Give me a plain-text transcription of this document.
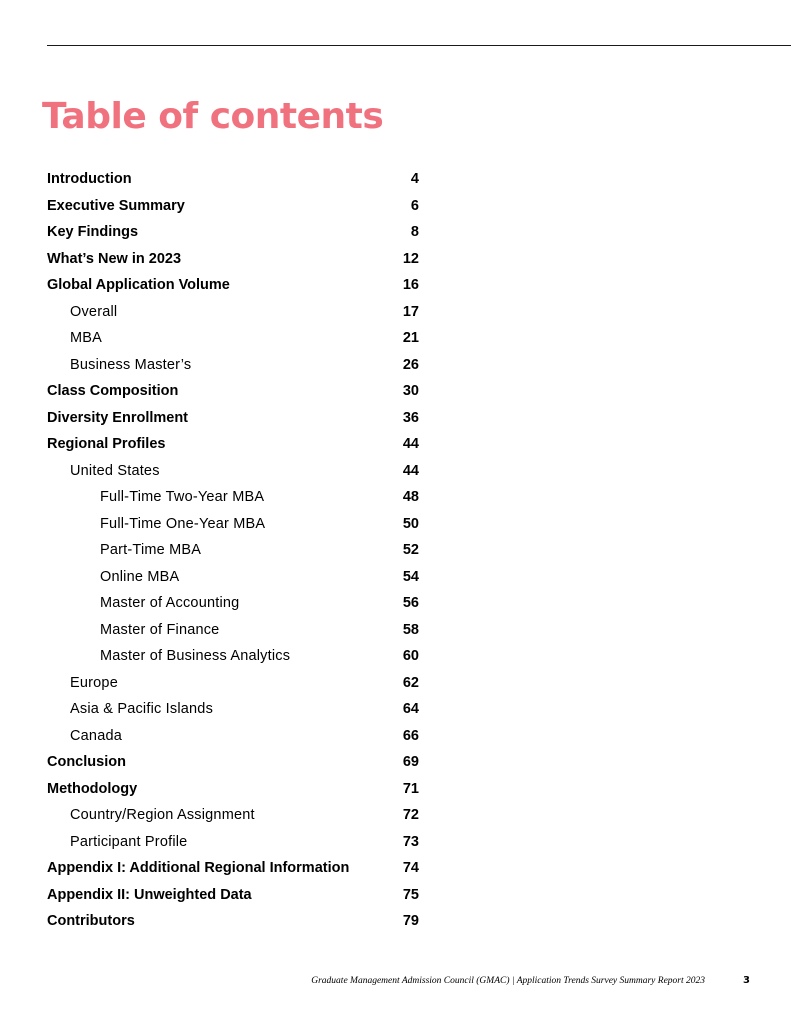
Table of contents
Introduction	4
Executive Summary	6
Key Findings	8
What’s New in 2023	12
Global Application Volume	16
Overall	17
MBA	21
Business Master’s	26
Class Composition	30
Diversity Enrollment	36
Regional Profiles	44
United States	44
Full-Time Two-Year MBA	48
Full-Time One-Year MBA	50
Part-Time MBA	52
Online MBA	54
Master of Accounting	56
Master of Finance	58
Master of Business Analytics	60
Europe	62
Asia & Pacific Islands	64
Canada	66
Conclusion	69
Methodology	71
Country/Region Assignment	72
Participant Profile	73
Appendix I: Additional Regional Information	74
Appendix II: Unweighted Data	75
Contributors	79
Graduate Management Admission Council (GMAC) | Application Trends Survey Summary Report 2023	3
